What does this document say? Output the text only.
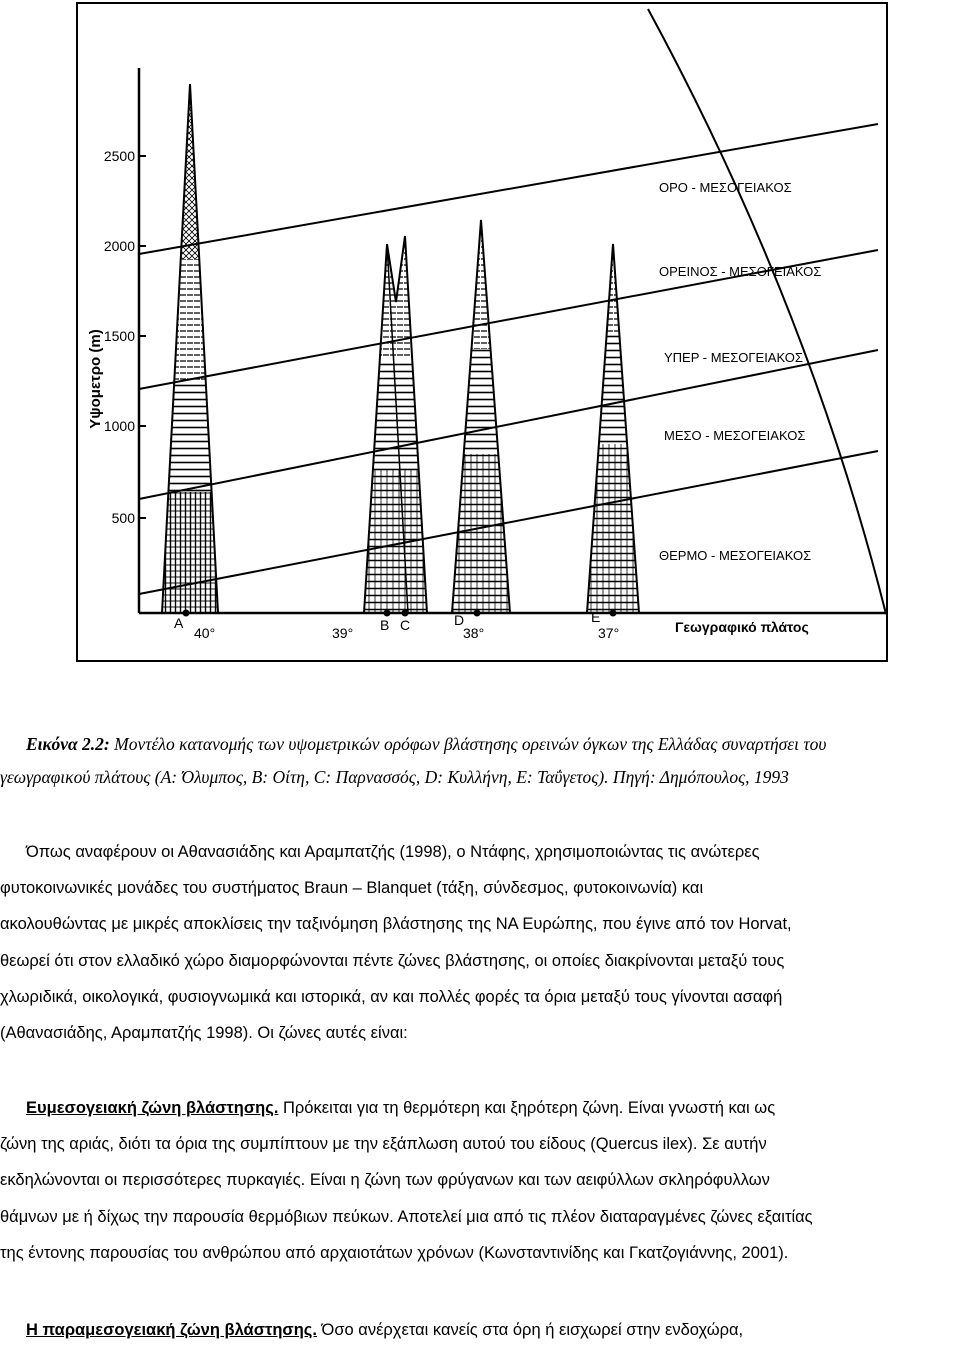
2500
2000
1500
1000
500
Υψομετρο (m)
ΟΡΟ - ΜΕΣΟΓΕΙΑΚΟΣ
ΟΡΕΙΝΟΣ - ΜΕΣΟΓΕΙΑΚΟΣ
ΥΠΕΡ - ΜΕΣΟΓΕΙΑΚΟΣ
ΜΕΣΟ - ΜΕΣΟΓΕΙΑΚΟΣ
ΘΕΡΜΟ - ΜΕΣΟΓΕΙΑΚΟΣ
A	B C	D	E
40°	39°	38°	37°	Γεωγραφικό πλάτος
Εικόνα 2.2: Μοντέλο κατανομής των υψομετρικών ορόφων βλάστησης ορεινών όγκων της Ελλάδας συναρτήσει του
γεωγραφικού πλάτους (Α: Όλυμπος, Β: Οίτη, C: Παρνασσός, D: Κυλλήνη, Ε: Ταΰγετος). Πηγή: Δημόπουλος, 1993
Όπως αναφέρουν οι Αθανασιάδης και Αραμπατζής (1998), ο Ντάφης, χρησιμοποιώντας τις ανώτερες
φυτοκοινωνικές μονάδες του συστήματος Braun – Blanquet (τάξη, σύνδεσμος, φυτοκοινωνία) και
ακολουθώντας με μικρές αποκλίσεις την ταξινόμηση βλάστησης της ΝΑ Ευρώπης, που έγινε από τον Horvat,
θεωρεί ότι στον ελλαδικό χώρο διαμορφώνονται πέντε ζώνες βλάστησης, οι οποίες διακρίνονται μεταξύ τους
χλωριδικά, οικολογικά, φυσιογνωμικά και ιστορικά, αν και πολλές φορές τα όρια μεταξύ τους γίνονται ασαφή
(Αθανασιάδης, Αραμπατζής 1998). Οι ζώνες αυτές είναι:
Ευμεσογειακή ζώνη βλάστησης. Πρόκειται για τη θερμότερη και ξηρότερη ζώνη. Είναι γνωστή και ως
ζώνη της αριάς, διότι τα όρια της συμπίπτουν με την εξάπλωση αυτού του είδους (Quercus ilex). Σε αυτήν
εκδηλώνονται οι περισσότερες πυρκαγιές. Είναι η ζώνη των φρύγανων και των αειφύλλων σκληρόφυλλων
θάμνων με ή δίχως την παρουσία θερμόβιων πεύκων. Αποτελεί μια από τις πλέον διαταραγμένες ζώνες εξαιτίας
της έντονης παρουσίας του ανθρώπου από αρχαιοτάτων χρόνων (Κωνσταντινίδης και Γκατζογιάννης, 2001).
Η παραμεσογειακή ζώνη βλάστησης. Όσο ανέρχεται κανείς στα όρη ή εισχωρεί στην ενδοχώρα,
